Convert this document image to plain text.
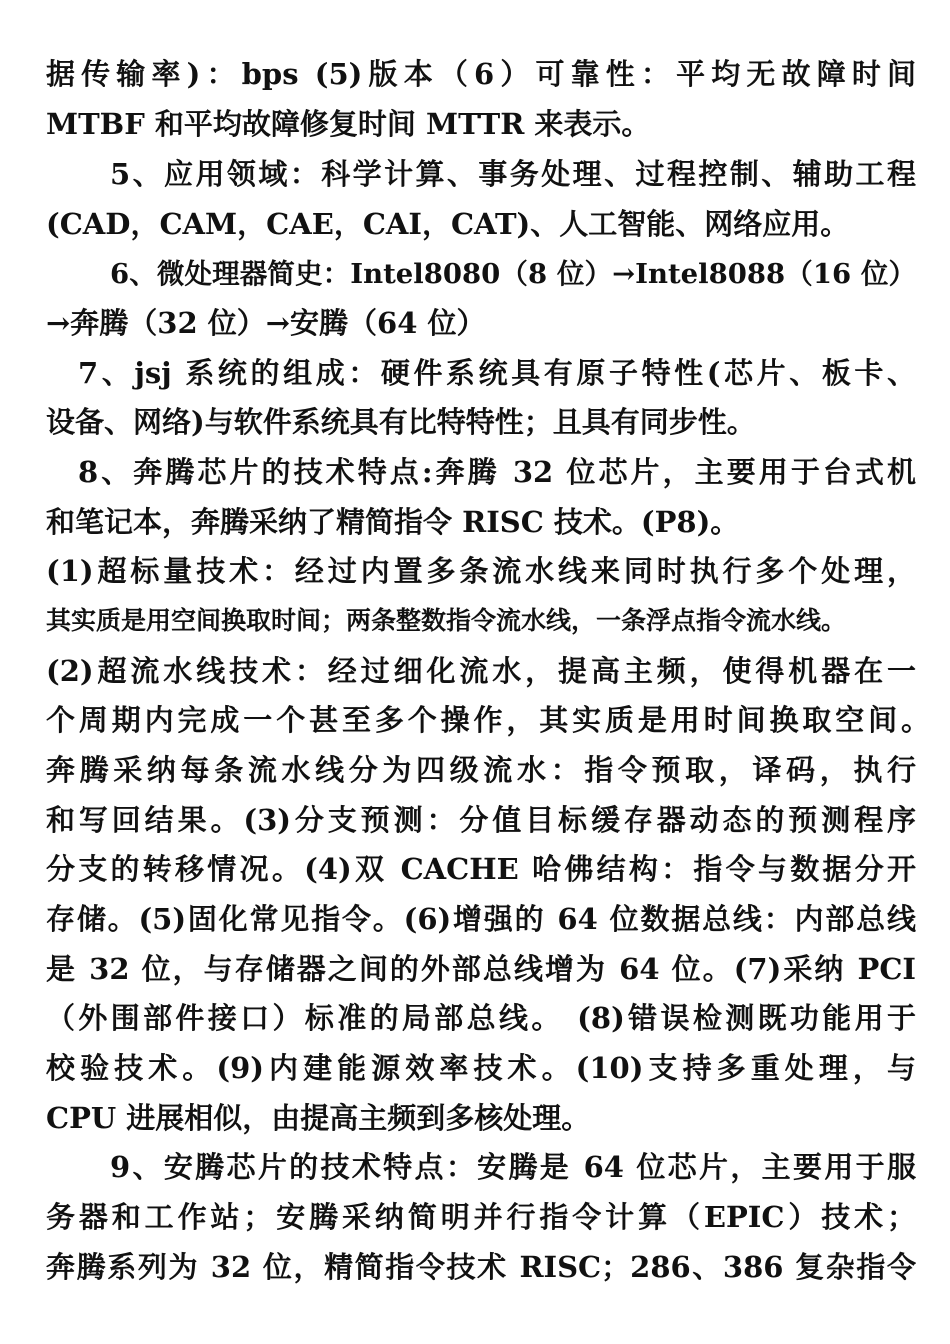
据传输率)：bps (5)版本（6）可靠性：平均无故障时间
MTBF 和平均故障修复时间 MTTR 来表示。
5、应用领域：科学计算、事务处理、过程控制、辅助工程
(CAD，CAM，CAE，CAI，CAT)、人工智能、网络应用。
6、微处理器简史：Intel8080（8 位）→Intel8088（16 位）
→奔腾（32 位）→安腾（64 位）
7、jsj 系统的组成：硬件系统具有原子特性(芯片、板卡、
设备、网络)与软件系统具有比特特性；且具有同步性。
8、奔腾芯片的技术特点:奔腾 32 位芯片，主要用于台式机
和笔记本，奔腾采纳了精简指令 RISC 技术。(P8)。
(1)超标量技术：经过内置多条流水线来同时执行多个处理，
其实质是用空间换取时间；两条整数指令流水线，一条浮点指令流水线。
(2)超流水线技术：经过细化流水，提高主频，使得机器在一
个周期内完成一个甚至多个操作，其实质是用时间换取空间。
奔腾采纳每条流水线分为四级流水：指令预取，译码，执行
和写回结果。(3)分支预测：分值目标缓存器动态的预测程序
分支的转移情况。(4)双 CACHE 哈佛结构：指令与数据分开
存储。(5)固化常见指令。(6)增强的 64 位数据总线：内部总线
是 32 位，与存储器之间的外部总线增为 64 位。(7)采纳 PCI
（外围部件接口）标准的局部总线。 (8)错误检测既功能用于
校验技术。(9)内建能源效率技术。(10)支持多重处理，与
CPU 进展相似，由提高主频到多核处理。
9、安腾芯片的技术特点：安腾是 64 位芯片，主要用于服
务器和工作站；安腾采纳简明并行指令计算（EPIC）技术；
奔腾系列为 32 位，精简指令技术 RISC；286、386 复杂指令
